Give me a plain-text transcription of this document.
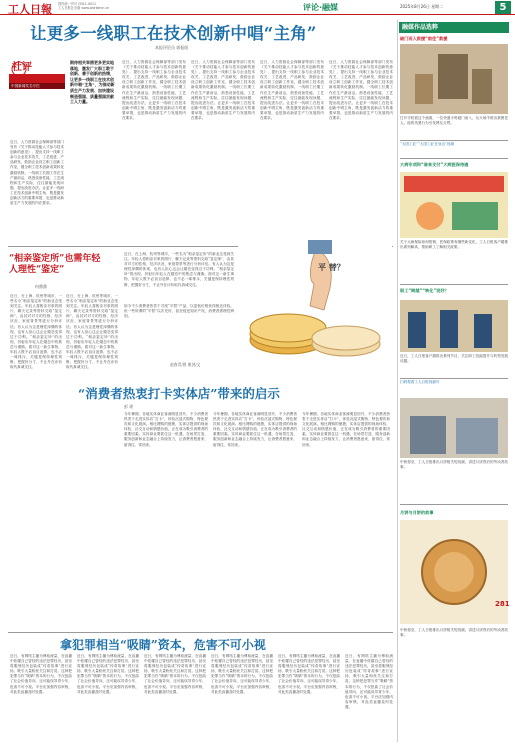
工人日報 国内统一刊号 CN11-0011
工人日报社出版 www.workercn.cn	评论·融媒	2025年8月26日 星期二	5
让更多一线职工在技术创新中唱“主角”
本报评论员 郭振阳
社评
中国新闻奖名专栏
期待相关举措更多更实地落地，激发广大职工敢于创新、善于创新的热情，让更多一线职工在技术创新中唱“主角”，为推动新质生产力发展、加快建设制造强国、质量强国贡献工人力量。
近日，人力资源社会保障部等部门发布《关于推动技能人才参与技术创新的意见》，提出支持一线职工参与企业技术攻关、工艺改进、产品研发，鼓励企业设立职工创新工作室，健全职工技术创新成果转化激励机制。一线职工长期工作在生产最前沿，熟悉设备性能、工艺流程和生产实际，往往最能发现问题、提出改进办法。让更多一线职工在技术创新中唱主角，既是激发创新活力的重要举措，也是推动新质生产力发展的内在要求。
近日，人力资源社会保障部等部门发布《关于推动技能人才参与技术创新的意见》，提出支持一线职工参与企业技术攻关、工艺改进、产品研发，鼓励企业设立职工创新工作室，健全职工技术创新成果转化激励机制。一线职工长期工作在生产最前沿，熟悉设备性能、工艺流程和生产实际，往往最能发现问题、提出改进办法。让更多一线职工在技术创新中唱主角，既是激发创新活力的重要举措，也是推动新质生产力发展的内在要求。
近日，人力资源社会保障部等部门发布《关于推动技能人才参与技术创新的意见》，提出支持一线职工参与企业技术攻关、工艺改进、产品研发，鼓励企业设立职工创新工作室，健全职工技术创新成果转化激励机制。一线职工长期工作在生产最前沿，熟悉设备性能、工艺流程和生产实际，往往最能发现问题、提出改进办法。让更多一线职工在技术创新中唱主角，既是激发创新活力的重要举措，也是推动新质生产力发展的内在要求。
近日，人力资源社会保障部等部门发布《关于推动技能人才参与技术创新的意见》，提出支持一线职工参与企业技术攻关、工艺改进、产品研发，鼓励企业设立职工创新工作室，健全职工技术创新成果转化激励机制。一线职工长期工作在生产最前沿，熟悉设备性能、工艺流程和生产实际，往往最能发现问题、提出改进办法。让更多一线职工在技术创新中唱主角，既是激发创新活力的重要举措，也是推动新质生产力发展的内在要求。
近日，人力资源社会保障部等部门发布《关于推动技能人才参与技术创新的意见》，提出支持一线职工参与企业技术攻关、工艺改进、产品研发，鼓励企业设立职工创新工作室，健全职工技术创新成果转化激励机制。一线职工长期工作在生产最前沿，熟悉设备性能、工艺流程和生产实际，往往最能发现问题、提出改进办法。让更多一线职工在技术创新中唱主角，既是激发创新活力的重要举措，也是推动新质生产力发展的内在要求。
“相亲鉴定所”也需年轻人理性“鉴定”
何鼎鼎
近日，在上海、杭州等城市，一些名为“相亲鉴定所”的新业态受到关注。年轻人将相亲对象的照片、聊天记录等资料交给“鉴定师”，由其对对方的性格、经济状况、家庭背景等进行分析评估。有人认为这是理性择偶的体现，也有人担心这会让婚恋变得过于功利。“相亲鉴定所”的出现，折射出年轻人在婚恋中的焦虑与谨慎。面对这一新生事物，年轻人既不必盲目追捧，也不必一味排斥，关键是保持理性判断，把握好分寸，不让外在评价取代真诚交往。
近日，在上海、杭州等城市，一些名为“相亲鉴定所”的新业态受到关注。年轻人将相亲对象的照片、聊天记录等资料交给“鉴定师”，由其对对方的性格、经济状况、家庭背景等进行分析评估。有人认为这是理性择偶的体现，也有人担心这会让婚恋变得过于功利。“相亲鉴定所”的出现，折射出年轻人在婚恋中的焦虑与谨慎。面对这一新生事物，年轻人既不必盲目追捧，也不必一味排斥，关键是保持理性判断，把握好分寸，不让外在评价取代真诚交往。
近日，在上海、杭州等城市，一些名为“相亲鉴定所”的新业态受到关注。年轻人将相亲对象的照片、聊天记录等资料交给“鉴定师”，由其对对方的性格、经济状况、家庭背景等进行分析评估。有人认为这是理性择偶的体现，也有人担心这会让婚恋变得过于功利。“相亲鉴定所”的出现，折射出年轻人在婚恋中的焦虑与谨慎。面对这一新生事物，年轻人既不必盲目追捧，也不必一味排斥，关键是保持理性判断，把握好分寸，不让外在评价取代真诚交往。
平 替？
如今不少消费者热衷于寻找“平替”产品，以更低价格获得相近体验。但一些所谓的“平替”以次充好，甚至侵犯知识产权，消费者需理性辨别。
赵春青/图 康劲/文
“消费者热衷打卡实体店”带来的启示
彭 瑶
今年暑期，各地实体商业客流明显回升，不少消费者热衷于走进实体店“打卡”，体验沉浸式购物、特色餐饮和文化展演。相比网购的便捷，实体店提供的现场体验、社交互动和情感价值，正在成为吸引消费者的重要因素。实体商业要抓住这一机遇，在场景打造、服务创新和业态融合上持续发力，让消费者愿意来、留得住、常回来。
今年暑期，各地实体商业客流明显回升，不少消费者热衷于走进实体店“打卡”，体验沉浸式购物、特色餐饮和文化展演。相比网购的便捷，实体店提供的现场体验、社交互动和情感价值，正在成为吸引消费者的重要因素。实体商业要抓住这一机遇，在场景打造、服务创新和业态融合上持续发力，让消费者愿意来、留得住、常回来。
今年暑期，各地实体商业客流明显回升，不少消费者热衷于走进实体店“打卡”，体验沉浸式购物、特色餐饮和文化展演。相比网购的便捷，实体店提供的现场体验、社交互动和情感价值，正在成为吸引消费者的重要因素。实体商业要抓住这一机遇，在场景打造、服务创新和业态融合上持续发力，让消费者愿意来、留得住、常回来。
拿犯罪相当“吸睛”资本，危害不可小视
近日，有网络主播为博取流量，在直播中炫耀自己曾经的违法犯罪经历，甚至将服刑经历包装成“传奇故事”进行宣扬，吸引大量粉丝关注和打赏。这种把犯罪当作“吸睛”资本的行为，不仅扭曲了社会价值导向，还可能误导青少年，危害不可小视。平台应加强内容审核，对此类直播及时处置。
近日，有网络主播为博取流量，在直播中炫耀自己曾经的违法犯罪经历，甚至将服刑经历包装成“传奇故事”进行宣扬，吸引大量粉丝关注和打赏。这种把犯罪当作“吸睛”资本的行为，不仅扭曲了社会价值导向，还可能误导青少年，危害不可小视。平台应加强内容审核，对此类直播及时处置。
近日，有网络主播为博取流量，在直播中炫耀自己曾经的违法犯罪经历，甚至将服刑经历包装成“传奇故事”进行宣扬，吸引大量粉丝关注和打赏。这种把犯罪当作“吸睛”资本的行为，不仅扭曲了社会价值导向，还可能误导青少年，危害不可小视。平台应加强内容审核，对此类直播及时处置。
近日，有网络主播为博取流量，在直播中炫耀自己曾经的违法犯罪经历，甚至将服刑经历包装成“传奇故事”进行宣扬，吸引大量粉丝关注和打赏。这种把犯罪当作“吸睛”资本的行为，不仅扭曲了社会价值导向，还可能误导青少年，危害不可小视。平台应加强内容审核，对此类直播及时处置。
近日，有网络主播为博取流量，在直播中炫耀自己曾经的违法犯罪经历，甚至将服刑经历包装成“传奇故事”进行宣扬，吸引大量粉丝关注和打赏。这种把犯罪当作“吸睛”资本的行为，不仅扭曲了社会价值导向，还可能误导青少年，危害不可小视。平台应加强内容审核，对此类直播及时处置。
近日，有网络主播为博取流量，在直播中炫耀自己曾经的违法犯罪经历，甚至将服刑经历包装成“传奇故事”进行宣扬，吸引大量粉丝关注和打赏。这种把犯罪当作“吸睛”资本的行为，不仅扭曲了社会价值导向，还可能误导青少年，危害不可小视。平台应加强内容审核，对此类直播及时处置。
融媒作品选粹
破门而入救援“前往”救援
打开手机看这个画面，一位快递小哥破门而入，从火场中救出被困老人。他的英勇行为引发网友点赞。
“大国工匠”“大国工匠在身边”视频
大病专项和“谁来支付”大病医保待遇
关于大病保险如何报销，医保政策有哪些新变化，工人日报客户端推出系列解读，帮助职工了解相关政策。
职工“跨越”“转化”说好？
近日，工人日报客户端推出系列节目，关注职工技能提升与转型发展话题。
扫码观看工人日报视频号
中秋将至，工人日报推出月饼相关短视频，讲述月饼背后的劳动者故事。
月饼与月饼的故事
281
中秋将至，工人日报推出月饼相关短视频，讲述月饼背后的劳动者故事。
